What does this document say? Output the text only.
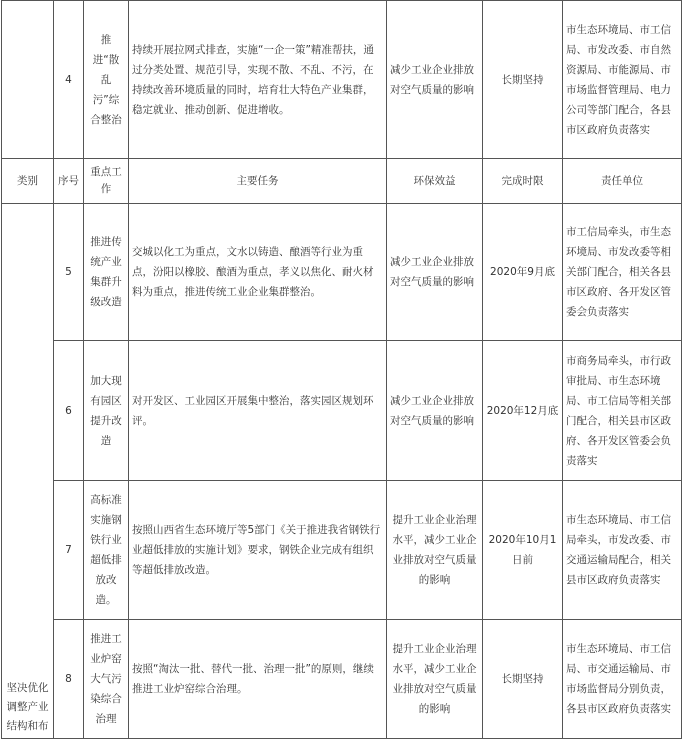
	4	推进“散乱污”综合整治	持续开展拉网式排查，实施“一企一策”精准帮扶，通过分类处置、规范引导，实现不散、不乱、不污，在持续改善环境质量的同时，培育壮大特色产业集群，稳定就业、推动创新、促进增收。	减少工业企业排放对空气质量的影响	长期坚持	市生态环境局、市工信局、市发改委、市自然资源局、市能源局、市市场监督管理局、电力公司等部门配合，各县市区政府负责落实
类别	序号	重点工作	主要任务	环保效益	完成时限	责任单位
坚决优化调整产业结构和布	5	推进传统产业集群升级改造	交城以化工为重点，文水以铸造、酿酒等行业为重点，汾阳以橡胶、酿酒为重点，孝义以焦化、耐火材料为重点，推进传统工业企业集群整治。	减少工业企业排放对空气质量的影响	2020年9月底	市工信局牵头，市生态环境局、市发改委等相关部门配合，相关各县市区政府、各开发区管委会负责落实
	6	加大现有园区提升改造	对开发区、工业园区开展集中整治，落实园区规划环评。	减少工业企业排放对空气质量的影响	2020年12月底	市商务局牵头，市行政审批局、市生态环境局、市工信局等相关部门配合，相关县市区政府、各开发区管委会负责落实
	7	高标准实施钢铁行业超低排放改造。	按照山西省生态环境厅等5部门《关于推进我省钢铁行业超低排放的实施计划》要求，钢铁企业完成有组织等超低排放改造。	提升工业企业治理水平，减少工业企业排放对空气质量的影响	2020年10月1日前	市生态环境局、市工信局牵头，市发改委、市交通运输局配合，相关县市区政府负责落实
	8	推进工业炉窑大气污染综合治理	按照“淘汰一批、替代一批、治理一批”的原则，继续推进工业炉窑综合治理。	提升工业企业治理水平，减少工业企业排放对空气质量的影响	长期坚持	市生态环境局、市工信局、市交通运输局、市市场监督局分别负责，各县市区政府负责落实
